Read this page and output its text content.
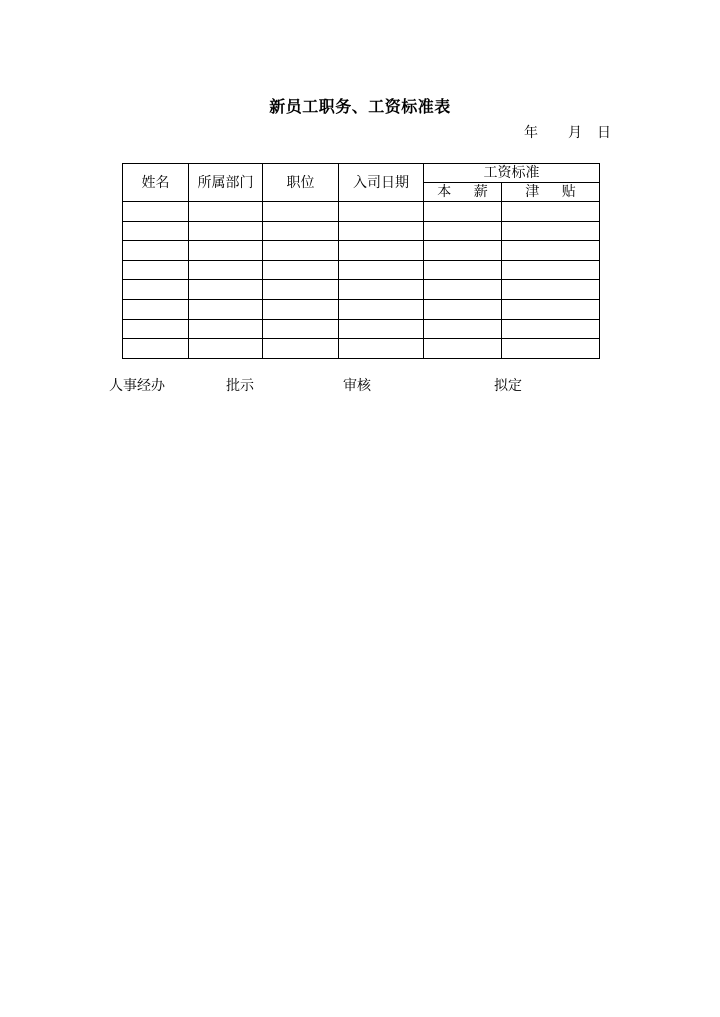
新员工职务、工资标准表
年 月 日
姓名	所属部门	职位	入司日期	工资标准	
				本 薪	津 贴

人事经办	批示	审核	拟定
